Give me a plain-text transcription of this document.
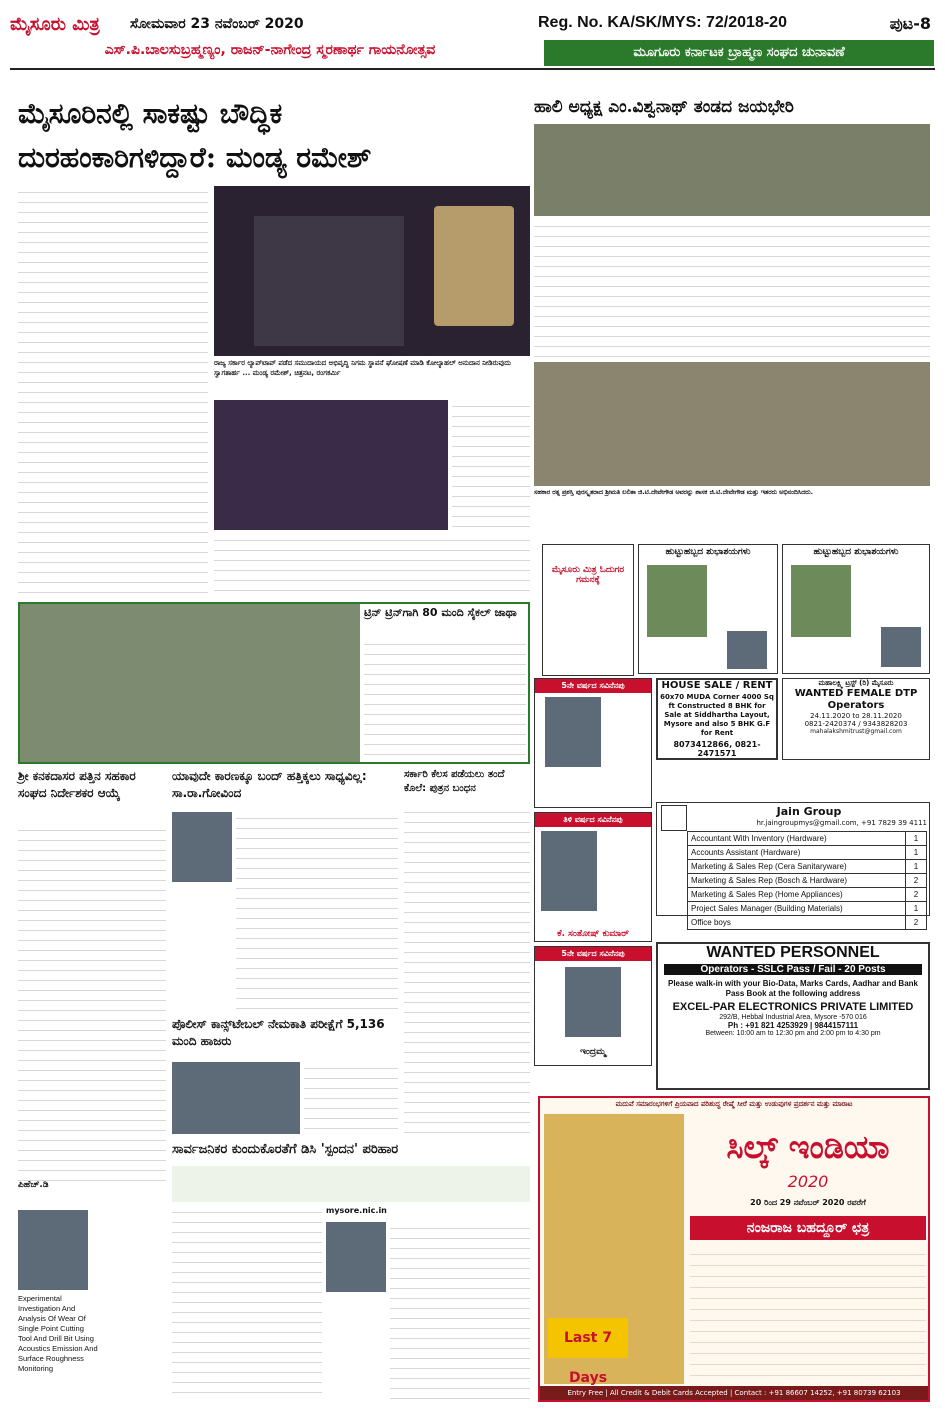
ಮೈಸೂರು ಮಿತ್ರ ಸೋಮವಾರ 23 ನವೆಂಬರ್ 2020	Reg. No. KA/SK/MYS: 72/2018-20	ಪುಟ-8
ಎಸ್.ಪಿ.ಬಾಲಸುಬ್ರಹ್ಮಣ್ಯಂ, ರಾಜನ್-ನಾಗೇಂದ್ರ ಸ್ಮರಣಾರ್ಥ ಗಾಯನೋತ್ಸವ	ಮೂಗೂರು ಕರ್ನಾಟಕ ಬ್ರಾಹ್ಮಣ ಸಂಘದ ಚುನಾವಣೆ
ಮೈಸೂರಿನಲ್ಲಿ ಸಾಕಷ್ಟು ಬೌದ್ಧಿಕ
ದುರಹಂಕಾರಿಗಳಿದ್ದಾರೆ: ಮಂಡ್ಯ ರಮೇಶ್
ಹಾಲಿ ಅಧ್ಯಕ್ಷ ಎಂ.ವಿಶ್ವನಾಥ್ ತಂಡದ ಜಯಭೇರಿ
ರಾಜ್ಯ ಸರ್ಕಾರ ಲ್ಯಾಪ್‌ಟಾಪ್ ಪಡೆದ ಸಮುದಾಯದ ಅಭಿವೃದ್ಧಿ ನಿಗಮ ಸ್ಥಾಪನೆ ಘೋಷಣೆ ಮಾಡಿ ಕೋಲ್ಯಾಹಲ್ ಅನುದಾನ ನೀಡಿರುವುದು ಸ್ವಾಗತಾರ್ಹ ... ಮಂಡ್ಯ ರಮೇಶ್, ಚಿತ್ರನಟ, ರಂಗಕರ್ಮಿ
ಸಹಕಾರ ರತ್ನ ಪ್ರಶಸ್ತಿ ಪುರಸ್ಕೃತರಾದ ಶ್ರೀಮತಿ ಲಲಿತಾ ಜಿ.ಟಿ.ದೇವೇಗೌಡ ಅವರನ್ನು ಶಾಸಕ ಜಿ.ಟಿ.ದೇವೇಗೌಡ ಮತ್ತು ಇತರರು ಅಭಿನಂದಿಸಿದರು.
ಮೈಸೂರು ಮಿತ್ರ ಓದುಗರ ಗಮನಕ್ಕೆ
ಹುಟ್ಟುಹಬ್ಬದ ಶುಭಾಶಯಗಳು	ಹುಟ್ಟುಹಬ್ಬದ ಶುಭಾಶಯಗಳು
5ನೇ ವರ್ಷದ ಸವಿನೆನಪು	HOUSE SALE / RENT
60x70 MUDA Corner 4000 Sq ft Constructed 8 BHK for Sale at Siddhartha Layout, Mysore and also 5 BHK G.F for Rent
8073412866, 0821-2471571
ಮಹಾಲಕ್ಷ್ಮಿ ಟ್ರಸ್ಟ್ (ರಿ) ಮೈಸೂರು
WANTED FEMALE DTP Operators
24.11.2020 to 28.11.2020
0821-2420374 / 9343828203
mahalakshmitrust@gmail.com
ಟ್ರಿನ್ ಟ್ರಿನ್‌ಗಾಗಿ 80 ಮಂದಿ ಸೈಕಲ್ ಜಾಥಾ
ಶ್ರೀ ಕನಕದಾಸರ ಪತ್ತಿನ ಸಹಕಾರ ಸಂಘದ ನಿರ್ದೇಶಕರ ಆಯ್ಕೆ
ಪಿಹೆಚ್.ಡಿ
Experimental Investigation And Analysis Of Wear Of Single Point Cutting Tool And Drill Bit Using Acoustics Emission And Surface Roughness Monitoring
ಯಾವುದೇ ಕಾರಣಕ್ಕೂ ಬಂದ್ ಹತ್ತಿಕ್ಕಲು ಸಾಧ್ಯವಿಲ್ಲ: ಸಾ.ರಾ.ಗೋವಿಂದ
ಪೊಲೀಸ್ ಕಾನ್ಸ್‌ಟೇಬಲ್ ನೇಮಕಾತಿ ಪರೀಕ್ಷೆಗೆ 5,136 ಮಂದಿ ಹಾಜರು
ಸರ್ಕಾರಿ ಕೆಲಸ ಪಡೆಯಲು ತಂದೆ ಕೊಲೆ: ಪುತ್ರನ ಬಂಧನ
ಸಾರ್ವಜನಿಕರ ಕುಂದುಕೊರತೆಗೆ ಡಿಸಿ 'ಸ್ಪಂದನ' ಪರಿಹಾರ
mysore.nic.in
ತಿಳಿ ವರ್ಷದ ಸವಿನೆನಪು
ಕೆ. ಸಂತೋಷ್ ಕುಮಾರ್
5ನೇ ವರ್ಷದ ಸವಿನೆನಪು
ಇಂದ್ರಮ್ಮ
Jain Group
hr.jaingroupmys@gmail.com, +91 7829 39 4111
Accountant With Inventory (Hardware)	1
Accounts Assistant (Hardware)	1
Marketing & Sales Rep (Cera Sanitaryware)	1
Marketing & Sales Rep (Bosch & Hardware)	2
Marketing & Sales Rep (Home Appliances)	2
Project Sales Manager (Building Materials)	1
Office boys	2
WANTED PERSONNEL
Operators - SSLC Pass / Fail - 20 Posts
Please walk-in with your Bio-Data, Marks Cards, Aadhar and Bank Pass Book at the following address
EXCEL-PAR ELECTRONICS PRIVATE LIMITED
292/B, Hebbal Industrial Area, Mysore -570 016
Ph : +91 821 4253929 | 9844157111
Between: 10:00 am to 12:30 pm and 2:00 pm to 4:30 pm
ಮದುವೆ ಸಮಾರಂಭಗಳಿಗೆ ಪ್ರಿಯವಾದ ಪರಿಶುದ್ಧ ರೇಷ್ಮೆ ಸೀರೆ ಮತ್ತು ಉಡುಪುಗಳ ಪ್ರದರ್ಶನ ಮತ್ತು ಮಾರಾಟ
ಸಿಲ್ಕ್ ಇಂಡಿಯಾ
2020
20 ರಿಂದ 29 ನವೆಂಬರ್ 2020 ರವರೆಗೆ
ನಂಜರಾಜ ಬಹದ್ದೂರ್ ಛತ್ರ
Last 7 Days
Entry Free | All Credit & Debit Cards Accepted | Contact : +91 86607 14252, +91 80739 62103
